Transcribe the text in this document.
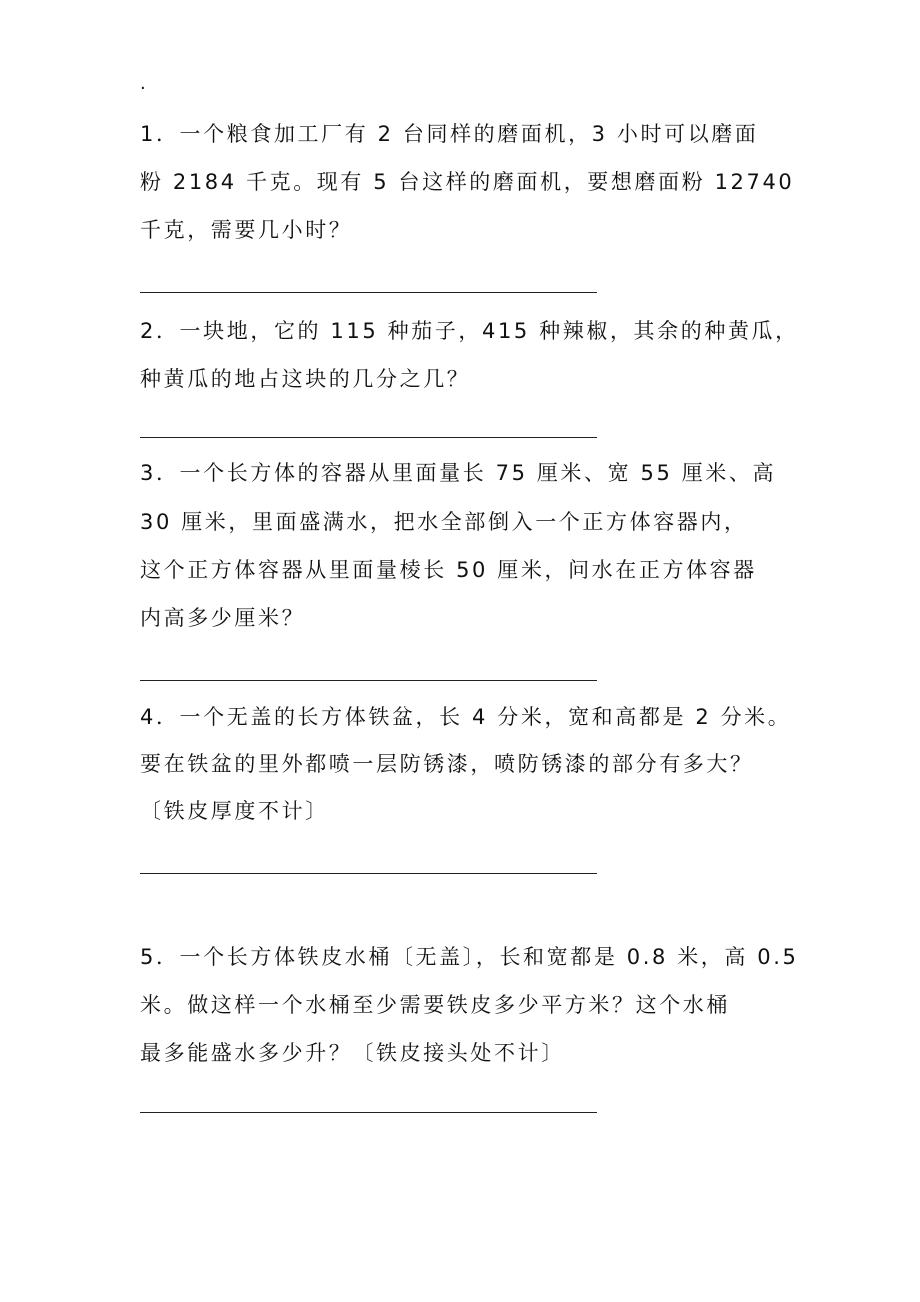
.
1．一个粮食加工厂有 2 台同样的磨面机，3 小时可以磨面
粉 2184 千克。现有 5 台这样的磨面机，要想磨面粉 12740
千克，需要几小时？
2．一块地，它的 115 种茄子，415 种辣椒，其余的种黄瓜，
种黄瓜的地占这块的几分之几？
3．一个长方体的容器从里面量长 75 厘米、宽 55 厘米、高
30 厘米，里面盛满水，把水全部倒入一个正方体容器内，
这个正方体容器从里面量棱长 50 厘米，问水在正方体容器
内高多少厘米？
4．一个无盖的长方体铁盆，长 4 分米，宽和高都是 2 分米。
要在铁盆的里外都喷一层防锈漆，喷防锈漆的部分有多大？
〔铁皮厚度不计〕
5．一个长方体铁皮水桶〔无盖〕，长和宽都是 0.8 米，高 0.5
米。做这样一个水桶至少需要铁皮多少平方米？这个水桶
最多能盛水多少升？〔铁皮接头处不计〕
